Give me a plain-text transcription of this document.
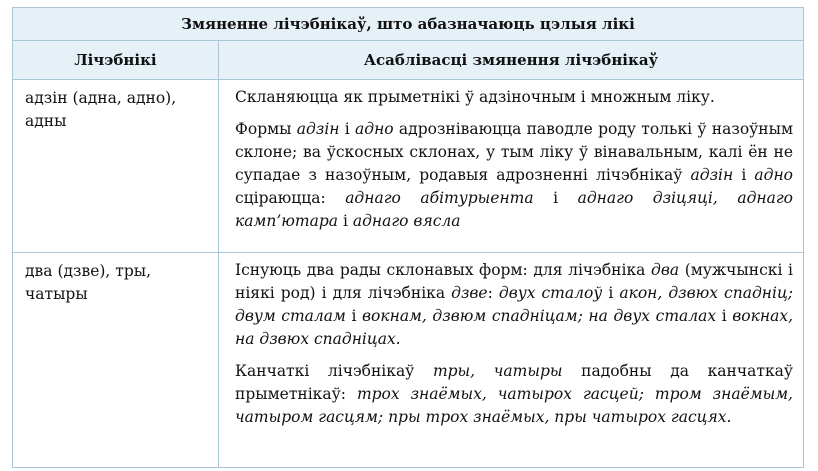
Змяненне лічэбнікаў, што абазначаюць цэлыя лікі	
Лічэбнікі	Асаблівасці змянення лічэбнікаў
адзін (адна, адно), адны	Скланяюцца як прыметнікі ў адзіночным і множным ліку.

Формы адзін і адно адрозніваюцца паводле роду толькі ў назоўным склоне; ва ўскосных склонах, у тым ліку ў вінавальным, калі ён не супадае з назоўным, родавыя адрозненні лічэбнікаў адзін і адно сціраюцца: аднаго абітурыента і аднаго дзіцяці, аднаго камп’ютара і аднаго вясла

два (дзве), тры, чатыры	Існуюць два рады склонавых форм: для лічэбніка два (мужчынскі і ніякі род) і для лічэбніка дзве: двух сталоў і акон, дзвюх спадніц; двум сталам і вокнам, дзвюм спадніцам; на двух сталах і вокнах, на дзвюх спадніцах.

Канчаткі лічэбнікаў тры, чатыры падобны да канчаткаў прыметнікаў: трох знаёмых, чатырох гасцей; тром знаёмым, чатыром гасцям; пры трох знаёмых, пры чатырох гасцях.
